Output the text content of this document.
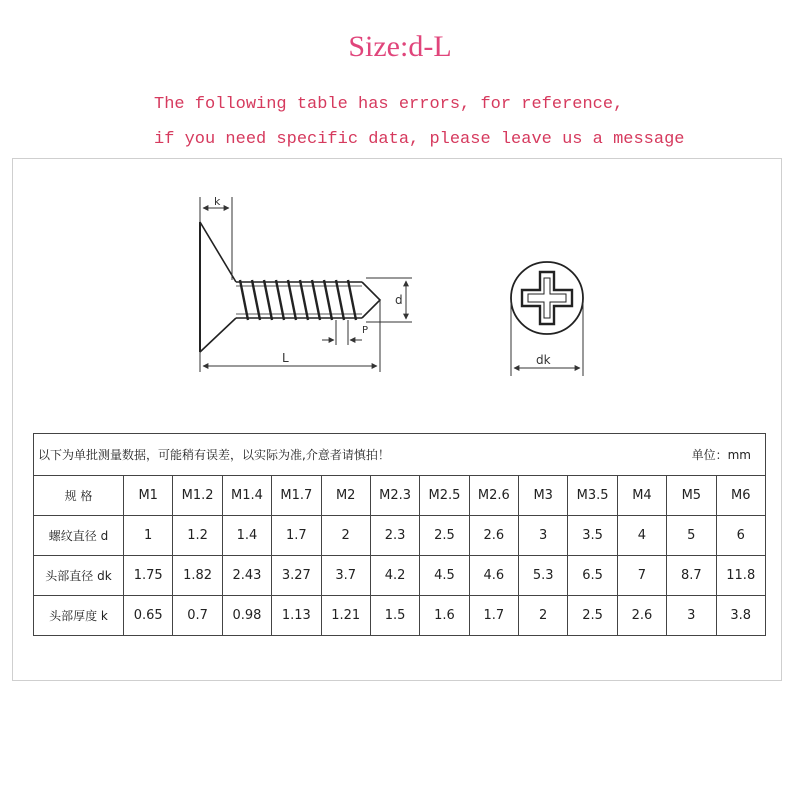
Size:d-L
The following table has errors, for reference,
if you need specific data, please leave us a message
k
L
d
P
dk
以下为单批测量数据，可能稍有误差，以实际为准,介意者请慎拍！ 单位：mm													

规 格	M1	M1.2	M1.4	M1.7	M2	M2.3	M2.5	M2.6	M3	M3.5	M4	M5	M6
螺纹直径 d	1	1.2	1.4	1.7	2	2.3	2.5	2.6	3	3.5	4	5	6
头部直径 dk	1.75	1.82	2.43	3.27	3.7	4.2	4.5	4.6	5.3	6.5	7	8.7	11.8
头部厚度 k	0.65	0.7	0.98	1.13	1.21	1.5	1.6	1.7	2	2.5	2.6	3	3.8
